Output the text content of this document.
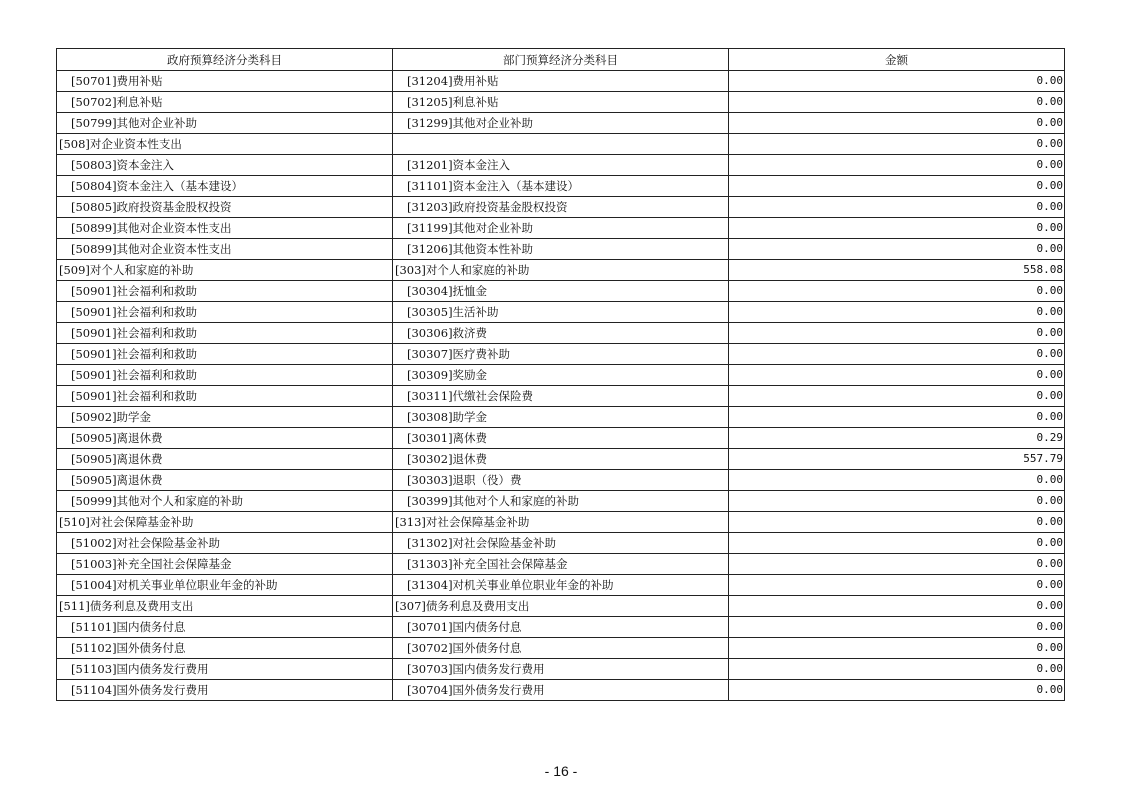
政府预算经济分类科目	部门预算经济分类科目	金额
[50701]费用补贴	[31204]费用补贴	0.00
[50702]利息补贴	[31205]利息补贴	0.00
[50799]其他对企业补助	[31299]其他对企业补助	0.00
[508]对企业资本性支出		0.00
[50803]资本金注入	[31201]资本金注入	0.00
[50804]资本金注入（基本建设）	[31101]资本金注入（基本建设）	0.00
[50805]政府投资基金股权投资	[31203]政府投资基金股权投资	0.00
[50899]其他对企业资本性支出	[31199]其他对企业补助	0.00
[50899]其他对企业资本性支出	[31206]其他资本性补助	0.00
[509]对个人和家庭的补助	[303]对个人和家庭的补助	558.08
[50901]社会福利和救助	[30304]抚恤金	0.00
[50901]社会福利和救助	[30305]生活补助	0.00
[50901]社会福利和救助	[30306]救济费	0.00
[50901]社会福利和救助	[30307]医疗费补助	0.00
[50901]社会福利和救助	[30309]奖励金	0.00
[50901]社会福利和救助	[30311]代缴社会保险费	0.00
[50902]助学金	[30308]助学金	0.00
[50905]离退休费	[30301]离休费	0.29
[50905]离退休费	[30302]退休费	557.79
[50905]离退休费	[30303]退职（役）费	0.00
[50999]其他对个人和家庭的补助	[30399]其他对个人和家庭的补助	0.00
[510]对社会保障基金补助	[313]对社会保障基金补助	0.00
[51002]对社会保险基金补助	[31302]对社会保险基金补助	0.00
[51003]补充全国社会保障基金	[31303]补充全国社会保障基金	0.00
[51004]对机关事业单位职业年金的补助	[31304]对机关事业单位职业年金的补助	0.00
[511]债务利息及费用支出	[307]债务利息及费用支出	0.00
[51101]国内债务付息	[30701]国内债务付息	0.00
[51102]国外债务付息	[30702]国外债务付息	0.00
[51103]国内债务发行费用	[30703]国内债务发行费用	0.00
[51104]国外债务发行费用	[30704]国外债务发行费用	0.00
- 16 -
